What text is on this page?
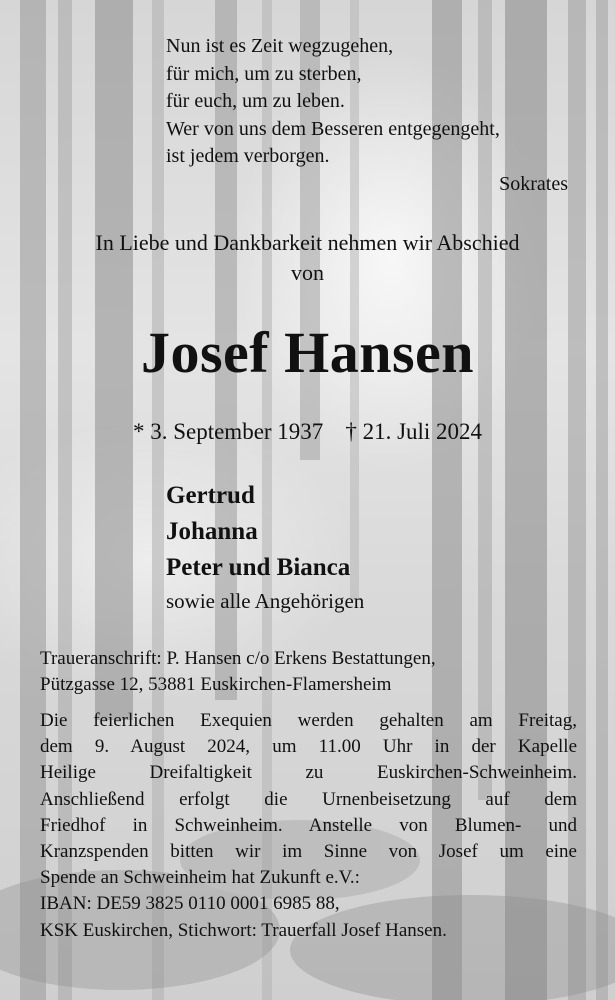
Nun ist es Zeit wegzugehen,
für mich, um zu sterben,
für euch, um zu leben.
Wer von uns dem Besseren entgegengeht,
ist jedem verborgen.
Sokrates
In Liebe und Dankbarkeit nehmen wir Abschied
von
Josef Hansen
* 3. September 1937 † 21. Juli 2024
Gertrud
Johanna
Peter und Bianca
sowie alle Angehörigen
Traueranschrift: P. Hansen c/o Erkens Bestattungen,
Pützgasse 12, 53881 Euskirchen-Flamersheim
Die feierlichen Exequien werden gehalten am Freitag,
dem 9. August 2024, um 11.00 Uhr in der Kapelle
Heilige Dreifaltigkeit zu Euskirchen-Schweinheim.
Anschließend erfolgt die Urnenbeisetzung auf dem
Friedhof in Schweinheim. Anstelle von Blumen- und
Kranzspenden bitten wir im Sinne von Josef um eine
Spende an Schweinheim hat Zukunft e.V.:
IBAN: DE59 3825 0110 0001 6985 88,
KSK Euskirchen, Stichwort: Trauerfall Josef Hansen.
